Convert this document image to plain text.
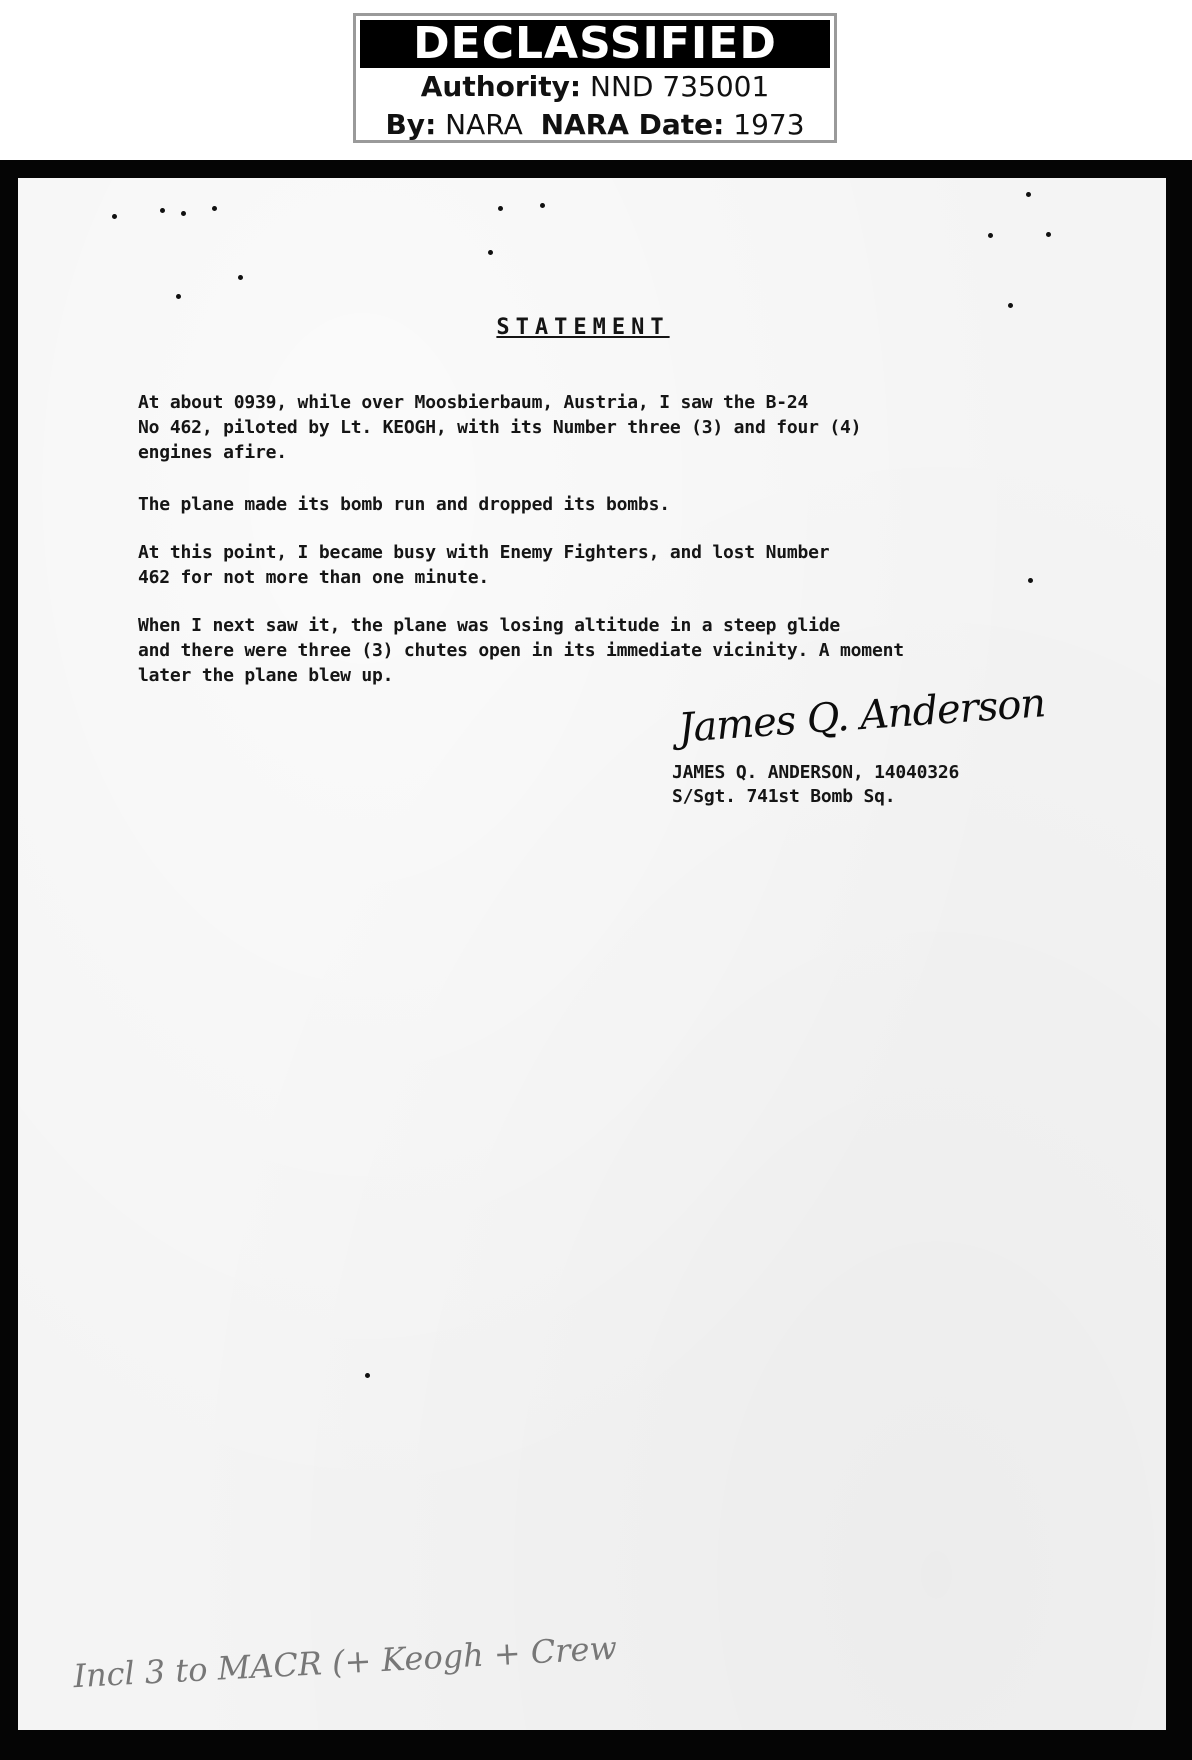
DECLASSIFIED
Authority: NND 735001
By: NARA NARA Date: 1973
STATEMENT

At about 0939, while over Moosbierbaum, Austria, I saw the B-24
No 462, piloted by Lt. KEOGH, with its Number three (3) and four (4)
engines afire.

The plane made its bomb run and dropped its bombs.

At this point, I became busy with Enemy Fighters, and lost Number
462 for not more than one minute.

When I next saw it, the plane was losing altitude in a steep glide
and there were three (3) chutes open in its immediate vicinity. A moment
later the plane blew up.

James Q. Anderson
JAMES Q. ANDERSON, 14040326
S/Sgt. 741st Bomb Sq.
Incl 3 to MACR (+ Keogh + Crew
